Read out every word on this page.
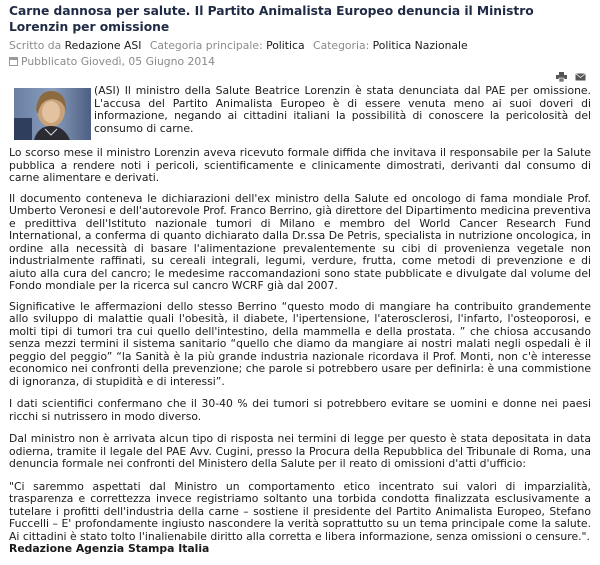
Carne dannosa per salute. Il Partito Animalista Europeo denuncia il Ministro Lorenzin per omissione
Scritto da Redazione ASI Categoria principale: Politica Categoria: Politica Nazionale
Pubblicato Giovedì, 05 Giugno 2014
(ASI) Il ministro della Salute Beatrice Lorenzin è stata denunciata dal PAE per omissione. L'accusa del Partito Animalista Europeo è di essere venuta meno ai suoi doveri di informazione, negando ai cittadini italiani la possibilità di conoscere la pericolosità del consumo di carne.

Lo scorso mese il ministro Lorenzin aveva ricevuto formale diffida che invitava il responsabile per la Salute pubblica a rendere noti i pericoli, scientificamente e clinicamente dimostrati, derivanti dal consumo di carne alimentare e derivati.

Il documento conteneva le dichiarazioni dell'ex ministro della Salute ed oncologo di fama mondiale Prof. Umberto Veronesi e dell'autorevole Prof. Franco Berrino, già direttore del Dipartimento medicina preventiva e predittiva dell'Istituto nazionale tumori di Milano e membro del World Cancer Research Fund International, a conferma di quanto dichiarato dalla Dr.ssa De Petris, specialista in nutrizione oncologica, in ordine alla necessità di basare l'alimentazione prevalentemente su cibi di provenienza vegetale non industrialmente raffinati, su cereali integrali, legumi, verdure, frutta, come metodi di prevenzione e di aiuto alla cura del cancro; le medesime raccomandazioni sono state pubblicate e divulgate dal volume del Fondo mondiale per la ricerca sul cancro WCRF già dal 2007.

Significative le affermazioni dello stesso Berrino “questo modo di mangiare ha contribuito grandemente allo sviluppo di malattie quali l'obesità, il diabete, l'ipertensione, l'aterosclerosi, l'infarto, l'osteoporosi, e molti tipi di tumori tra cui quello dell'intestino, della mammella e della prostata. ” che chiosa accusando senza mezzi termini il sistema sanitario “quello che diamo da mangiare ai nostri malati negli ospedali è il peggio del peggio” “la Sanità è la più grande industria nazionale ricordava il Prof. Monti, non c'è interesse economico nei confronti della prevenzione; che parole si potrebbero usare per definirla: è una commistione di ignoranza, di stupidità e di interessi”.

I dati scientifici confermano che il 30-40 % dei tumori si potrebbero evitare se uomini e donne nei paesi ricchi si nutrissero in modo diverso.

Dal ministro non è arrivata alcun tipo di risposta nei termini di legge per questo è stata depositata in data odierna, tramite il legale del PAE Avv. Cugini, presso la Procura della Repubblica del Tribunale di Roma, una denuncia formale nei confronti del Ministero della Salute per il reato di omissioni d'atti d'ufficio:

"Ci saremmo aspettati dal Ministro un comportamento etico incentrato sui valori di imparzialità, trasparenza e correttezza invece registriamo soltanto una torbida condotta finalizzata esclusivamente a tutelare i profitti dell'industria della carne – sostiene il presidente del Partito Animalista Europeo, Stefano Fuccelli – E' profondamente ingiusto nascondere la verità soprattutto su un tema principale come la salute. Ai cittadini è stato tolto l'inalienabile diritto alla corretta e libera informazione, senza omissioni o censure.".

Redazione Agenzia Stampa Italia
